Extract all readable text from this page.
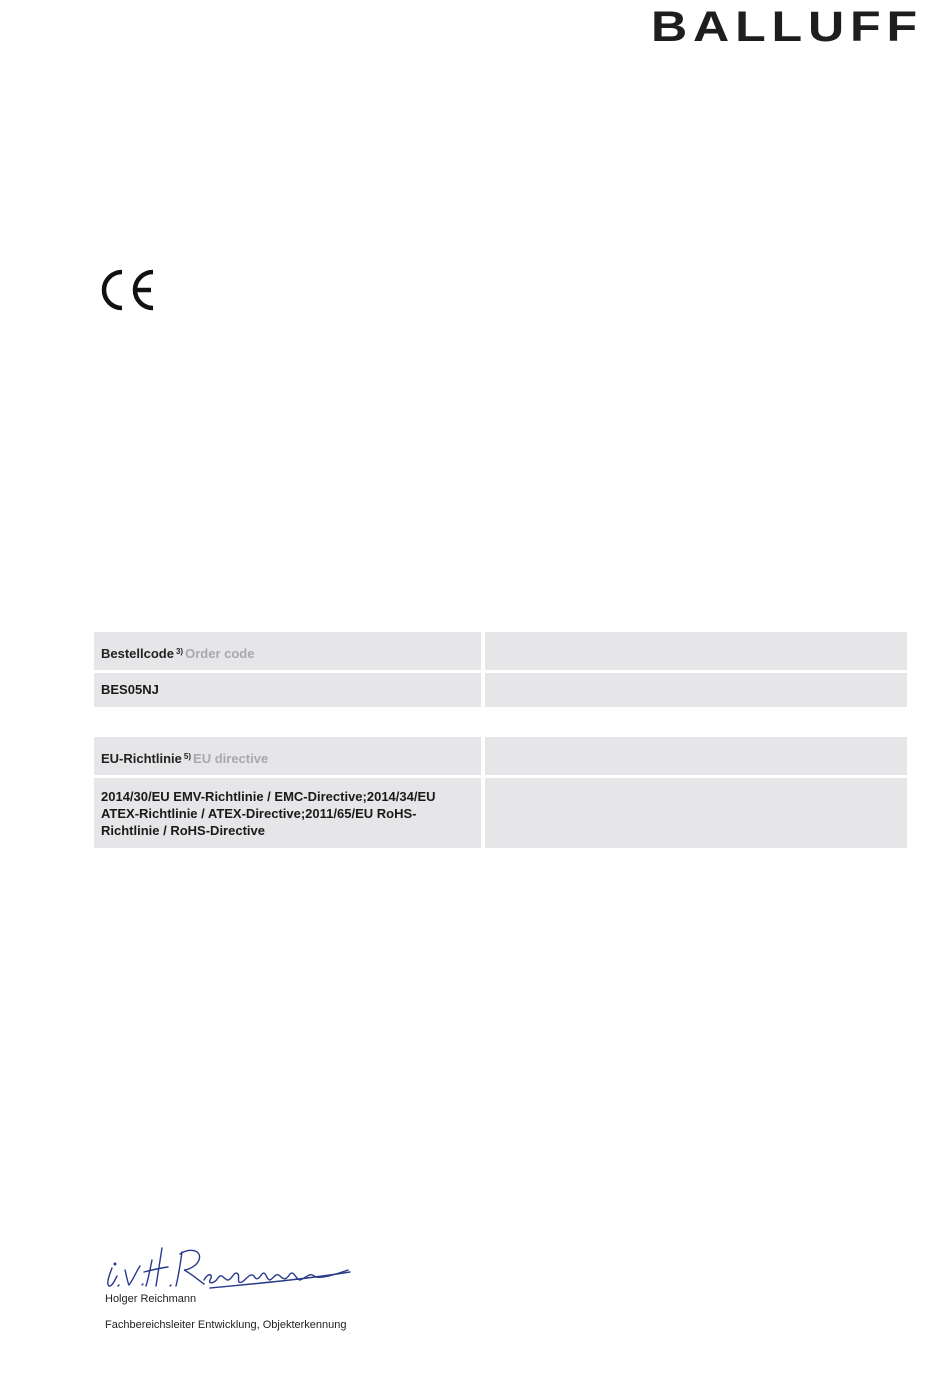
BALLUFF
Bestellcode $^{3)}$ Order code
BES05NJ
EU-Richtlinie $^{5)}$ EU directive
2014/30/EU EMV-Richtlinie / EMC-Directive;2014/34/EU
ATEX-Richtlinie / ATEX-Directive;2011/65/EU RoHS-
Richtlinie / RoHS-Directive
Holger Reichmann
Fachbereichsleiter Entwicklung, Objekterkennung
